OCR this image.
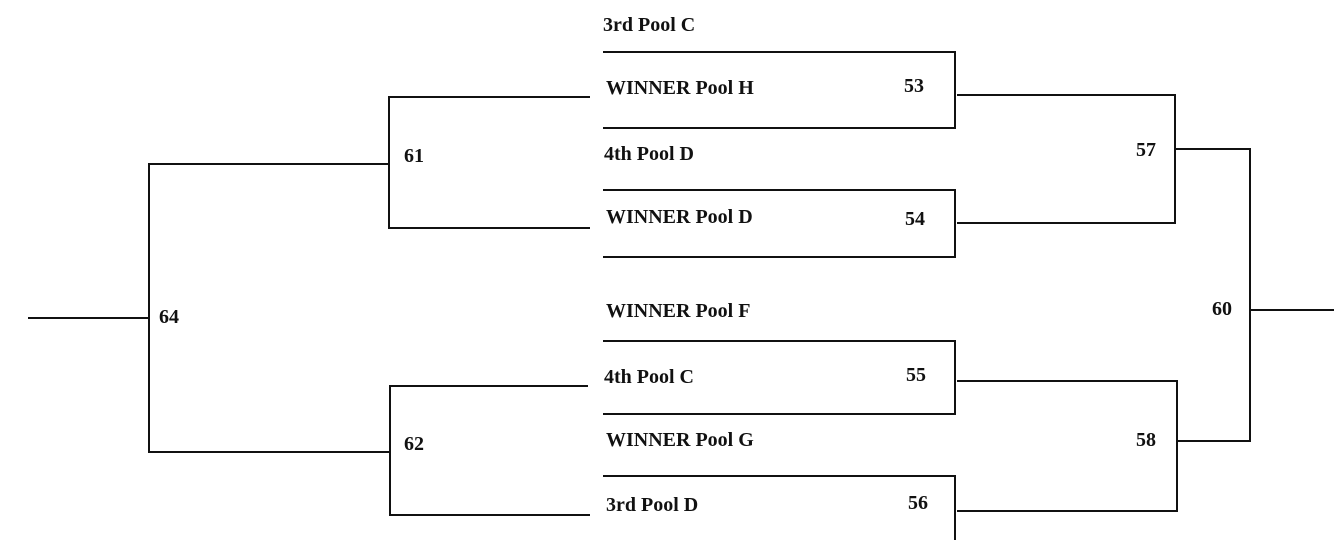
3rd Pool C
WINNER Pool H
4th Pool D
WINNER Pool D
WINNER Pool F
4th Pool C
WINNER Pool G
3rd Pool D
53
54
55
56
57
58
60
61
62
64
